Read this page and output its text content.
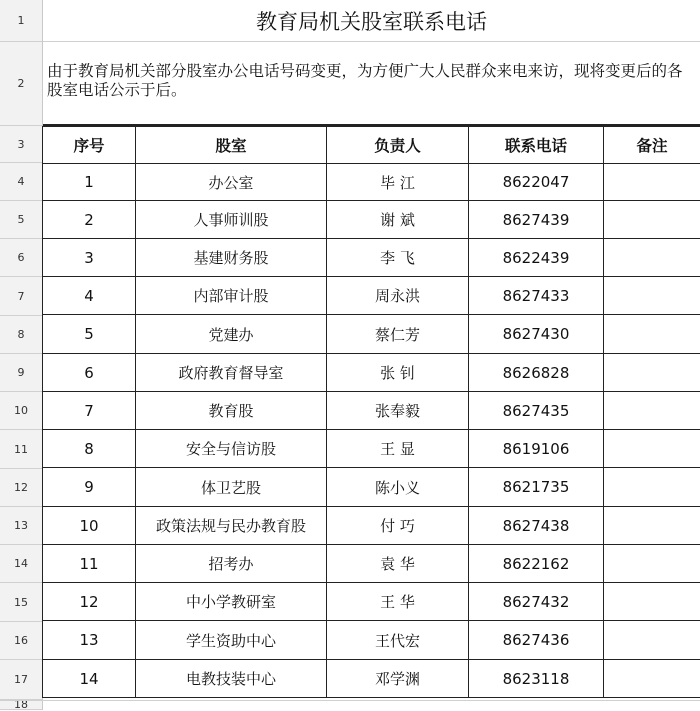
1
2
3
4
5
6
7
8
9
10
11
12
13
14
15
16
17
18
教育局机关股室联系电话
由于教育局机关部分股室办公电话号码变更，为方便广大人民群众来电来访，现将变更后的各股室电话公示于后。
序号	股室	负责人	联系电话	备注
1	办公室	毕 江	8622047	
2	人事师训股	谢 斌	8627439	
3	基建财务股	李 飞	8622439	
4	内部审计股	周永洪	8627433	
5	党建办	蔡仁芳	8627430	
6	政府教育督导室	张 钊	8626828	
7	教育股	张奉毅	8627435	
8	安全与信访股	王 显	8619106	
9	体卫艺股	陈小义	8621735	
10	政策法规与民办教育股	付 巧	8627438	
11	招考办	袁 华	8622162	
12	中小学教研室	王 华	8627432	
13	学生资助中心	王代宏	8627436	
14	电教技装中心	邓学渊	8623118	
